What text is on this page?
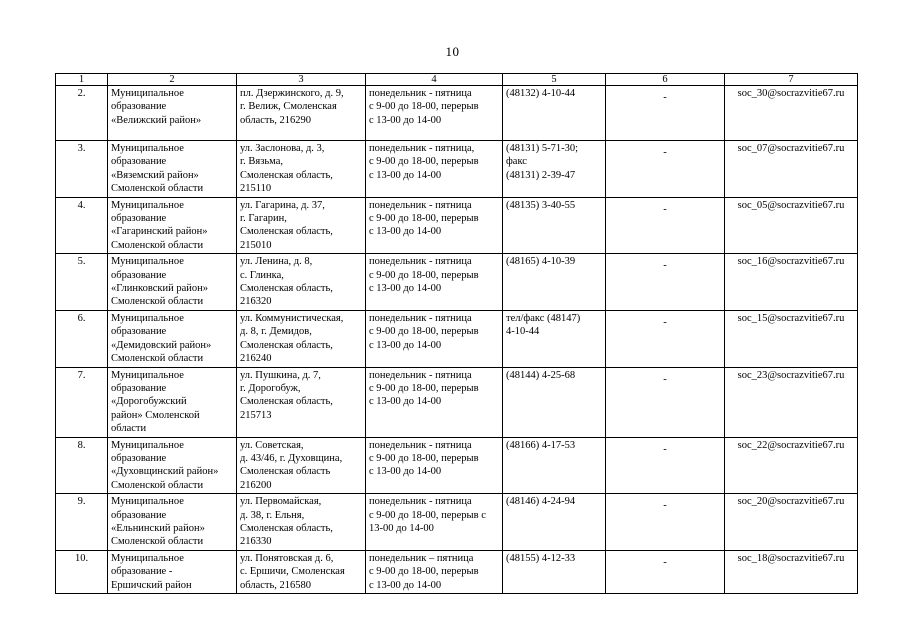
10
1	2	3	4	5	6	7
2.	Муниципальное
образование
«Велижский район»	пл. Дзержинского, д. 9,
г. Велиж, Смоленская
область, 216290	понедельник - пятница
с 9-00 до 18-00, перерыв
с 13-00 до 14-00	(48132) 4-10-44	-	soc_30@socrazvitie67.ru

3.	Муниципальное
образование
«Вяземский район»
Смоленской области	ул. Заслонова, д. 3,
г. Вязьма,
Смоленская область,
215110	понедельник - пятница,
с 9-00 до 18-00, перерыв
с 13-00 до 14-00	(48131) 5-71-30;
факс
(48131) 2-39-47	-	soc_07@socrazvitie67.ru

4.	Муниципальное
образование
«Гагаринский район»
Смоленской области	ул. Гагарина, д. 37,
г. Гагарин,
Смоленская область,
215010	понедельник - пятница
с 9-00 до 18-00, перерыв
с 13-00 до 14-00	(48135) 3-40-55	-	soc_05@socrazvitie67.ru

5.	Муниципальное
образование
«Глинковский район»
Смоленской области	ул. Ленина, д. 8,
с. Глинка,
Смоленская область,
216320	понедельник - пятница
с 9-00 до 18-00, перерыв
с 13-00 до 14-00	(48165) 4-10-39	-	soc_16@socrazvitie67.ru

6.	Муниципальное
образование
«Демидовский район»
Смоленской области	ул. Коммунистическая,
д. 8, г. Демидов,
Смоленская область,
216240	понедельник - пятница
с 9-00 до 18-00, перерыв
с 13-00 до 14-00	тел/факс (48147)
4-10-44	-	soc_15@socrazvitie67.ru

7.	Муниципальное
образование
«Дорогобужский
район» Смоленской
области	ул. Пушкина, д. 7,
г. Дорогобуж,
Смоленская область,
215713	понедельник - пятница
с 9-00 до 18-00, перерыв
с 13-00 до 14-00	(48144) 4-25-68	-	soc_23@socrazvitie67.ru

8.	Муниципальное
образование
«Духовщинский район»
Смоленской области	ул. Советская,
д. 43/46, г. Духовщина,
Смоленская область
216200	понедельник - пятница
с 9-00 до 18-00, перерыв
с 13-00 до 14-00	(48166) 4-17-53	-	soc_22@socrazvitie67.ru

9.	Муниципальное
образование
«Ельнинский район»
Смоленской области	ул. Первомайская,
д. 38, г. Ельня,
Смоленская область,
216330	понедельник - пятница
с 9-00 до 18-00, перерыв с
13-00 до 14-00	(48146) 4-24-94	-	soc_20@socrazvitie67.ru

10.	Муниципальное
образование -
Ершичский район	ул. Понятовская д. 6,
с. Ершичи, Смоленская
область, 216580	понедельник – пятница
с 9-00 до 18-00, перерыв
с 13-00 до 14-00	(48155) 4-12-33	-	soc_18@socrazvitie67.ru
